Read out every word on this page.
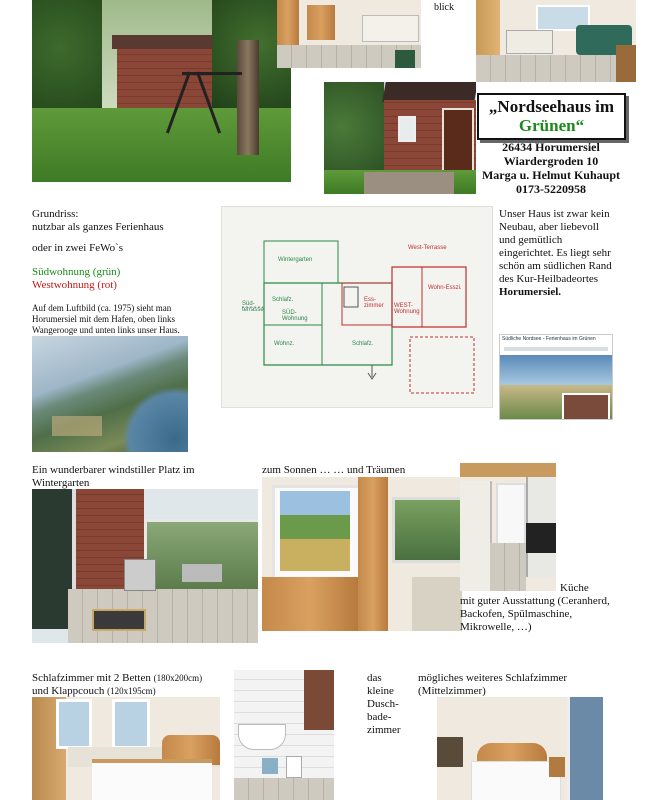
blick
„Nordseehaus im
Grünen“
26434 Horumersiel
Wiardergroden 10
Marga u. Helmut Kuhaupt
0173-5220958
Grundriss:
nutzbar als ganzes Ferienhaus
oder in zwei FeWo`s
Südwohnung (grün)
Westwohnung (rot)
Auf dem Luftbild (ca. 1975) sieht man
Horumersiel mit dem Hafen, oben links
Wangerooge und unten links unser Haus.
Wintergarten
Schlafz.
SÜD-Wohnung
Wohnz.	Schlafz.
Ess-zimmer	WEST-Wohnung
Wohn-Esszi.
West-Terrasse
Süd-terrasse
Unser Haus ist zwar kein
Neubau, aber liebevoll
und gemütlich
eingerichtet. Es liegt sehr
schön am südlichen Rand
des Kur-Heilbadeortes
Horumersiel.
Südliche Nordsee - Ferienhaus im Grünen
Ein wunderbarer windstiller Platz im
Wintergarten
zum Sonnen … … und Träumen
Küche
mit guter Ausstattung (Ceranherd,
Backofen, Spülmaschine,
Mikrowelle, …)
Schlafzimmer mit 2 Betten (180x200cm)
und Klappcouch (120x195cm)
das
kleine
Dusch-
bade-
zimmer
mögliches weiteres Schlafzimmer
(Mittelzimmer)
